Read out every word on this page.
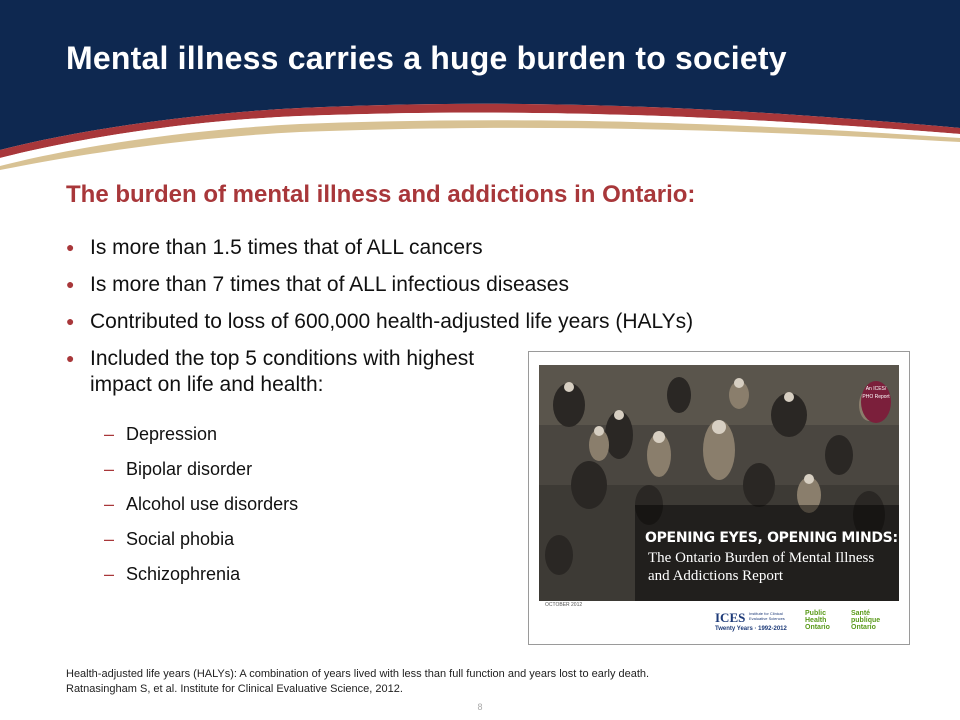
Mental illness carries a huge burden to society
The burden of mental illness and addictions in Ontario:
● Is more than 1.5 times that of ALL cancers
● Is more than 7 times that of ALL infectious diseases
● Contributed to loss of 600,000 health-adjusted life years (HALYs)
● Included the top 5 conditions with highest impact on life and health:
– Depression
– Bipolar disorder
– Alcohol use disorders
– Social phobia
– Schizophrenia
An ICES/ PHO Report
OPENING EYES, OPENING MINDS:
The Ontario Burden of Mental Illness and Addictions Report
OCTOBER 2012
ICES Institute for Clinical Evaluative Sciences
Twenty Years · 1992-2012
Public Health Ontario
Santé publique Ontario

Health-adjusted life years (HALYs): A combination of years lived with less than full function and years lost to early death.

Ratnasingham S, et al. Institute for Clinical Evaluative Science, 2012.

8
